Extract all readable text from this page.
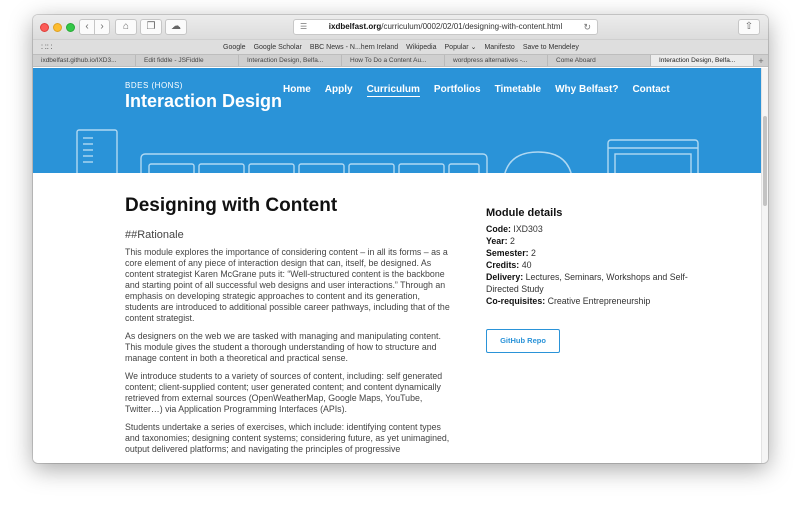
‹	›	⌂	❐	☁	☰	ixdbelfast.org/curriculum/0002/02/01/designing-with-content.html ↻	⇧
∷∷	Google Google Scholar BBC News - N...hern Ireland Wikipedia Popular ⌄ Manifesto Save to Mendeley
ixdbelfast.github.io/IXD3...	Edit fiddle - JSFiddle	Interaction Design, Belfa...	How To Do a Content Au...	wordpress alternatives -...	Come Aboard	Interaction Design, Belfa...	+
BDES (HONS)
Interaction Design
Home Apply Curriculum Portfolios Timetable Why Belfast? Contact
Designing with Content
##Rationale

This module explores the importance of considering content – in all its forms – as a core element of any piece of interaction design that can, itself, be designed. As content strategist Karen McGrane puts it: “Well-structured content is the backbone and starting point of all successful web designs and user interactions.” Through an emphasis on developing strategic approaches to content and its generation, students are introduced to additional possible career pathways, including that of the content strategist.

As designers on the web we are tasked with managing and manipulating content. This module gives the student a thorough understanding of how to structure and manage content in both a theoretical and practical sense.

We introduce students to a variety of sources of content, including: self generated content; client-supplied content; user generated content; and content dynamically retrieved from external sources (OpenWeatherMap, Google Maps, YouTube, Twitter…) via Application Programming Interfaces (APIs).

Students undertake a series of exercises, which include: identifying content types and taxonomies; designing content systems; considering future, as yet unimagined, output delivered platforms; and navigating the principles of progressive

Module details
Code: IXD303
Year: 2
Semester: 2
Credits: 40
Delivery: Lectures, Seminars, Workshops and Self-Directed Study
Co-requisites: Creative Entrepreneurship
GitHub Repo
